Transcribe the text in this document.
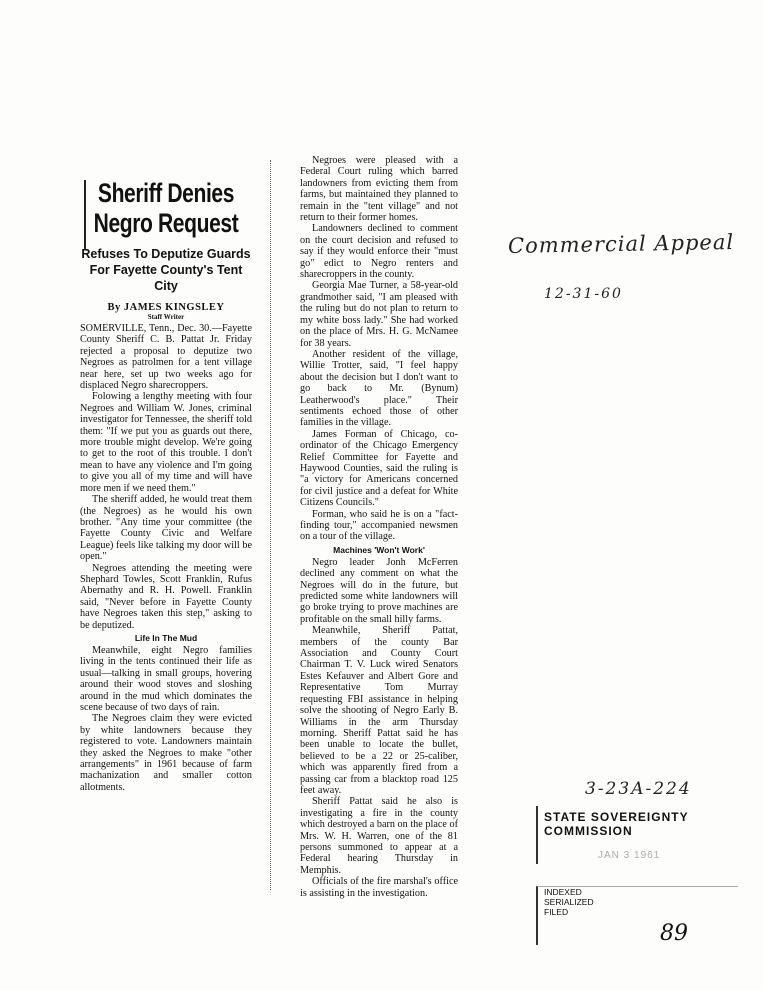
Sheriff Denies
Negro Request
Refuses To Deputize Guards For Fayette County's Tent City
By JAMES KINGSLEY
Staff Writer

SOMERVILLE, Tenn., Dec. 30.—Fayette County Sheriff C. B. Pattat Jr. Friday rejected a proposal to deputize two Negroes as patrolmen for a tent village near here, set up two weeks ago for displaced Negro sharecroppers.

Folowing a lengthy meeting with four Negroes and William W. Jones, criminal investigator for Tennessee, the sheriff told them: "If we put you as guards out there, more trouble might develop. We're going to get to the root of this trouble. I don't mean to have any violence and I'm going to give you all of my time and will have more men if we need them."

The sheriff added, he would treat them (the Negroes) as he would his own brother. "Any time your committee (the Fayette County Civic and Welfare League) feels like talking my door will be open."

Negroes attending the meeting were Shephard Towles, Scott Franklin, Rufus Abernathy and R. H. Powell. Franklin said, "Never before in Fayette County have Negroes taken this step," asking to be deputized.

Life In The Mud

Meanwhile, eight Negro families living in the tents continued their life as usual—talking in small groups, hovering around their wood stoves and sloshing around in the mud which dominates the scene because of two days of rain.

The Negroes claim they were evicted by white landowners because they registered to vote. Landowners maintain they asked the Negroes to make "other arrangements" in 1961 because of farm machanization and smaller cotton allotments.

Negroes were pleased with a Federal Court ruling which barred landowners from evicting them from farms, but maintained they planned to remain in the "tent village" and not return to their former homes.

Landowners declined to comment on the court decision and refused to say if they would enforce their "must go" edict to Negro renters and sharecroppers in the county.

Georgia Mae Turner, a 58-year-old grandmother said, "I am pleased with the ruling but do not plan to return to my white boss lady." She had worked on the place of Mrs. H. G. McNamee for 38 years.

Another resident of the village, Willie Trotter, said, "I feel happy about the decision but I don't want to go back to Mr. (Bynum) Leatherwood's place." Their sentiments echoed those of other families in the village.

James Forman of Chicago, co-ordinator of the Chicago Emergency Relief Committee for Fayette and Haywood Counties, said the ruling is "a victory for Americans concerned for civil justice and a defeat for White Citizens Councils."

Forman, who said he is on a "fact-finding tour," accompanied newsmen on a tour of the village.

Machines 'Won't Work'

Negro leader Jonh McFerren declined any comment on what the Negroes will do in the future, but predicted some white landowners will go broke trying to prove machines are profitable on the small hilly farms.

Meanwhile, Sheriff Pattat, members of the county Bar Association and County Court Chairman T. V. Luck wired Senators Estes Kefauver and Albert Gore and Representative Tom Murray requesting FBI assistance in helping solve the shooting of Negro Early B. Williams in the arm Thursday morning. Sheriff Pattat said he has been unable to locate the bullet, believed to be a 22 or 25-caliber, which was apparently fired from a passing car from a blacktop road 125 feet away.

Sheriff Pattat said he also is investigating a fire in the county which destroyed a barn on the place of Mrs. W. H. Warren, one of the 81 persons summoned to appear at a Federal hearing Thursday in Memphis.

Officials of the fire marshal's office is assisting in the investigation.

Commercial Appeal
12-31-60
3-23A-224
STATE SOVEREIGNTY COMMISSION
JAN 3 1961
INDEXED
SERIALIZED
FILED
89
